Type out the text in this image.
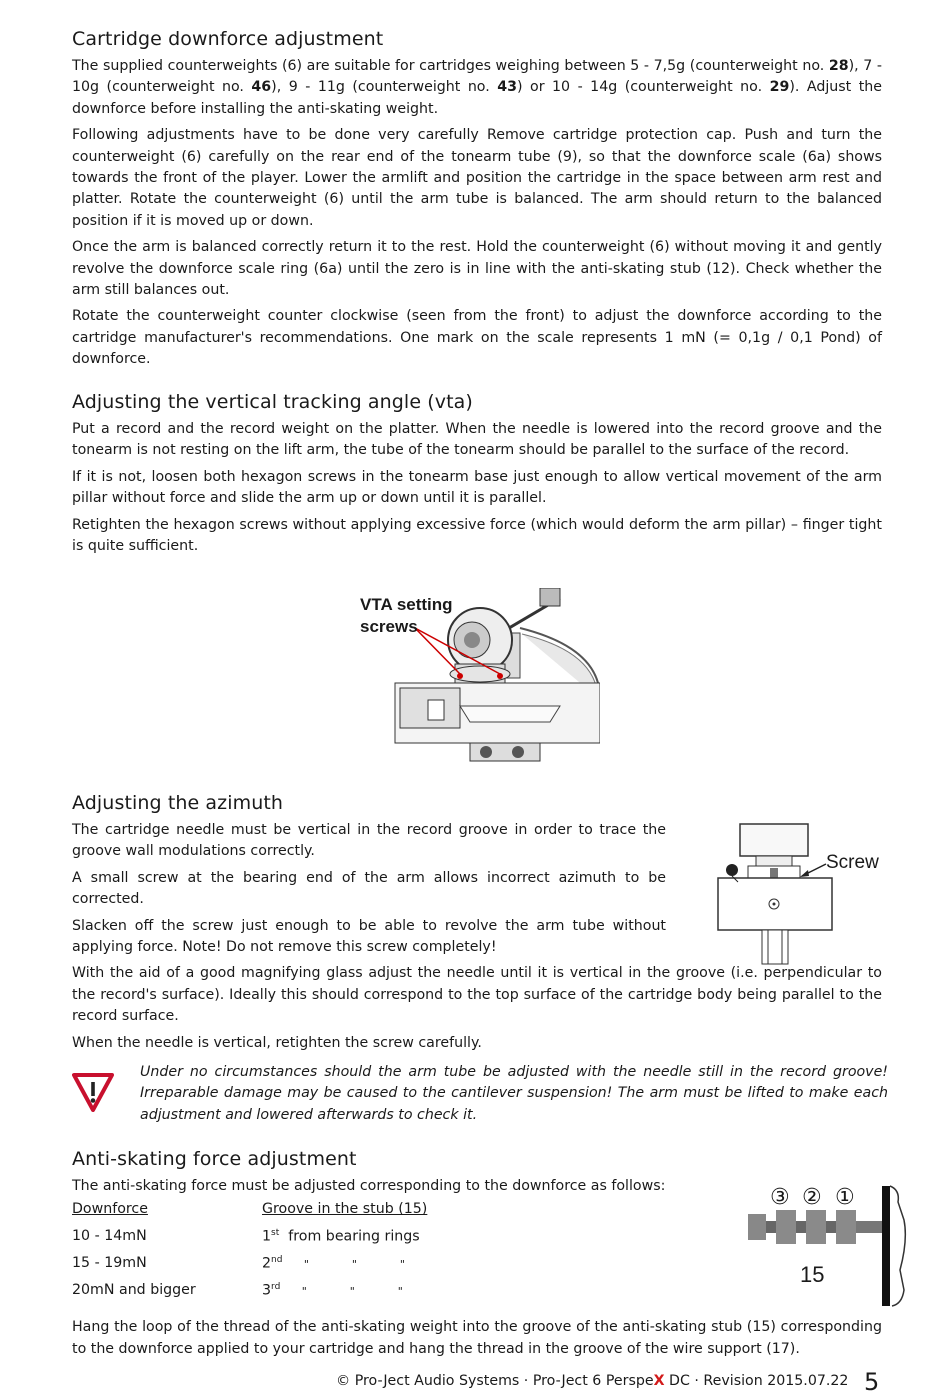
Cartridge downforce adjustment

The supplied counterweights (6) are suitable for cartridges weighing between 5 - 7,5g (counterweight no. 28), 7 - 10g (counterweight no. 46), 9 - 11g (counterweight no. 43) or 10 - 14g (counterweight no. 29). Adjust the downforce before installing the anti-skating weight.

Following adjustments have to be done very carefully Remove cartridge protection cap. Push and turn the counterweight (6) carefully on the rear end of the tonearm tube (9), so that the downforce scale (6a) shows towards the front of the player. Lower the armlift and position the cartridge in the space between arm rest and platter. Rotate the counterweight (6) until the arm tube is balanced. The arm should return to the balanced position if it is moved up or down.

Once the arm is balanced correctly return it to the rest. Hold the counterweight (6) without moving it and gently revolve the downforce scale ring (6a) until the zero is in line with the anti-skating stub (12). Check whether the arm still balances out.

Rotate the counterweight counter clockwise (seen from the front) to adjust the downforce according to the cartridge manufacturer's recommendations. One mark on the scale represents 1 mN (= 0,1g / 0,1 Pond) of downforce.

Adjusting the vertical tracking angle (vta)

Put a record and the record weight on the platter. When the needle is lowered into the record groove and the tonearm is not resting on the lift arm, the tube of the tonearm should be parallel to the surface of the record.

If it is not, loosen both hexagon screws in the tonearm base just enough to allow vertical movement of the arm pillar without force and slide the arm up or down until it is parallel.

Retighten the hexagon screws without applying excessive force (which would deform the arm pillar) – finger tight is quite sufficient.

VTA setting
screws
Adjusting the azimuth

The cartridge needle must be vertical in the record groove in order to trace the groove wall modulations correctly.

A small screw at the bearing end of the arm allows incorrect azimuth to be corrected.

Slacken off the screw just enough to be able to revolve the arm tube without applying force. Note! Do not remove this screw completely!

With the aid of a good magnifying glass adjust the needle until it is vertical in the groove (i.e. perpendicular to the record's surface). Ideally this should correspond to the top surface of the cartridge body being parallel to the record surface.

When the needle is vertical, retighten the screw carefully.

Screw
Under no circumstances should the arm tube be adjusted with the needle still in the record groove! Irreparable damage may be caused to the cantilever suspension! The arm must be lifted to make each adjustment and lowered afterwards to check it.
Anti-skating force adjustment

The anti-skating force must be adjusted corresponding to the downforce as follows:

Downforce	Groove in the stub (15)
10 - 14mN	1st from bearing rings
15 - 19mN	2nd " " "
20mN and bigger	3rd " " "

Hang the loop of the thread of the anti-skating weight into the groove of the anti-skating stub (15) corresponding to the downforce applied to your cartridge and hang the thread in the groove of the wire support (17).

③ ② ①
15
© Pro-Ject Audio Systems · Pro-Ject 6 PerspeX DC · Revision 2015.07.22 5
